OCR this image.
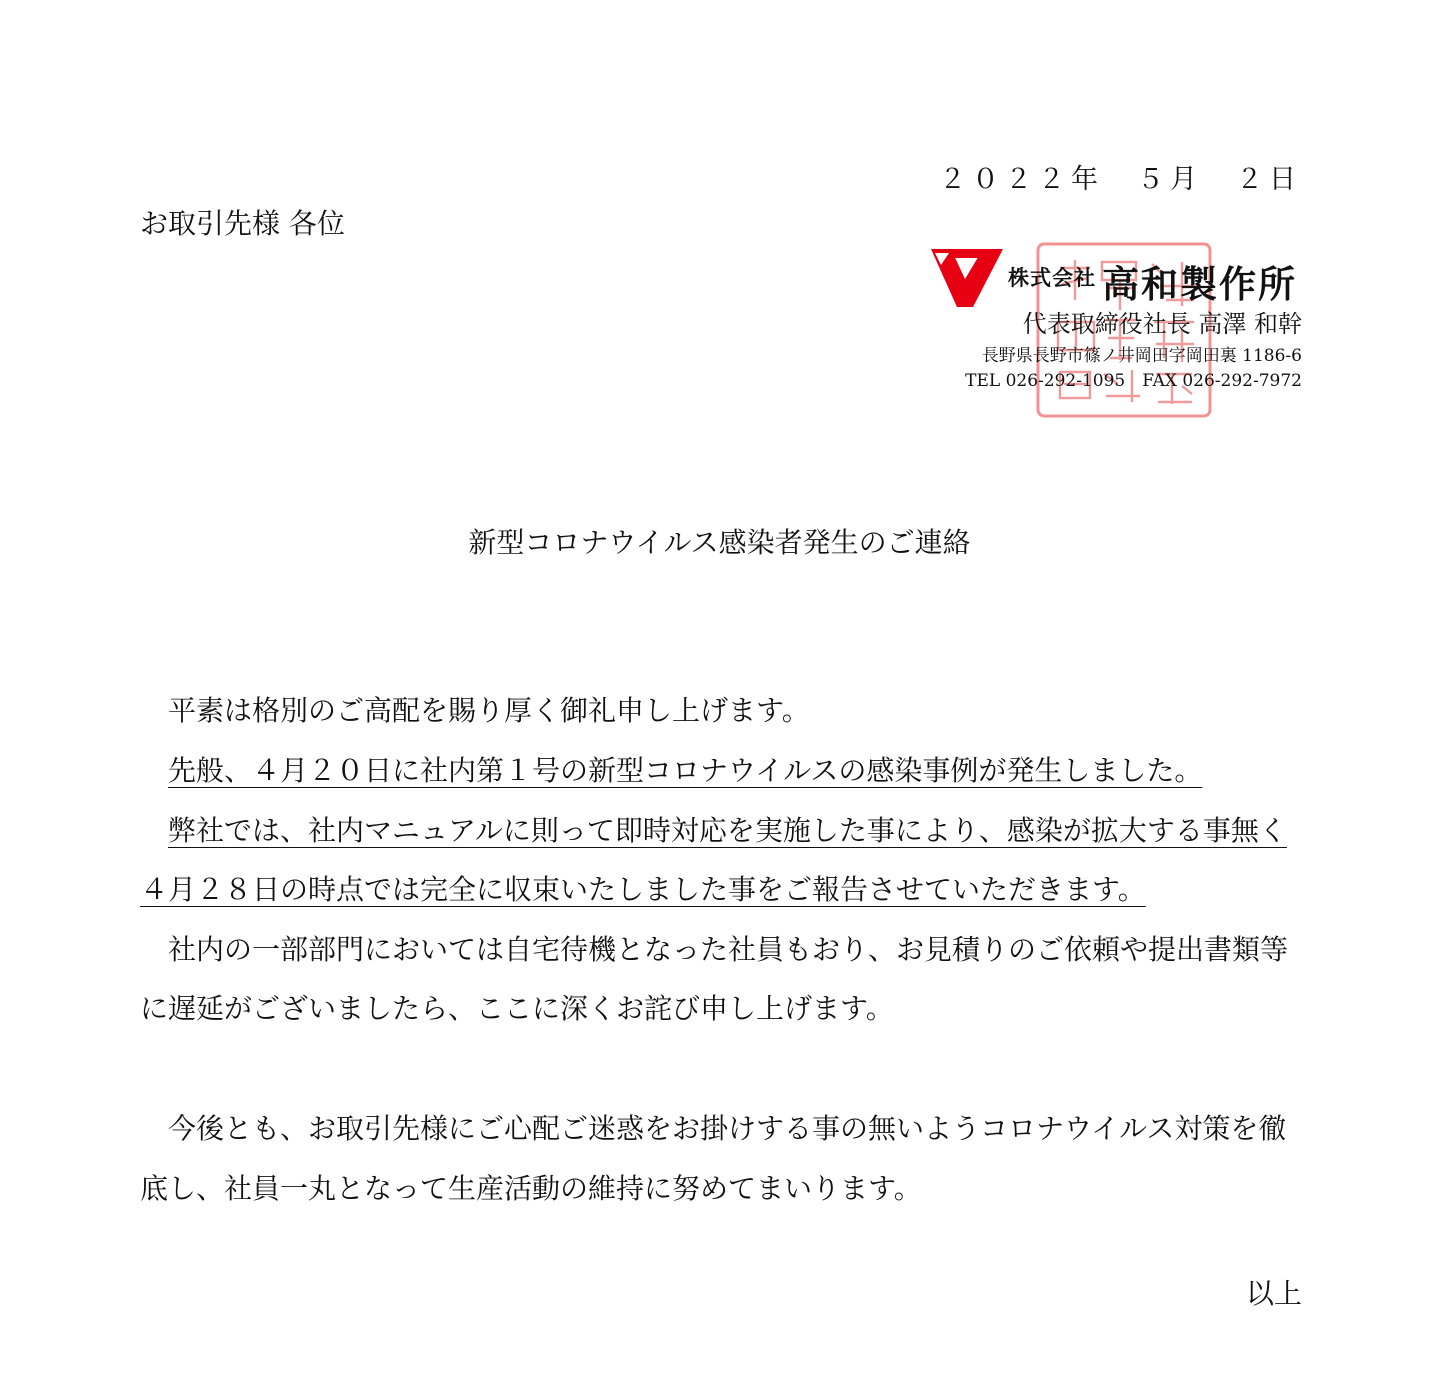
２０２２年　５月　２日
お取引先様 各位
株式会社 高和製作所
代表取締役社長 高澤 和幹
長野県長野市篠ノ井岡田字岡田裏 1186-6
TEL 026-292-1095　FAX 026-292-7972
新型コロナウイルス感染者発生のご連絡
平素は格別のご高配を賜り厚く御礼申し上げます。
先般、４月２０日に社内第１号の新型コロナウイルスの感染事例が発生しました。
弊社では、社内マニュアルに則って即時対応を実施した事により、感染が拡大する事無く
４月２８日の時点では完全に収束いたしました事をご報告させていただきます。
社内の一部部門においては自宅待機となった社員もおり、お見積りのご依頼や提出書類等
に遅延がございましたら、ここに深くお詫び申し上げます。
今後とも、お取引先様にご心配ご迷惑をお掛けする事の無いようコロナウイルス対策を徹
底し、社員一丸となって生産活動の維持に努めてまいります。
以上
